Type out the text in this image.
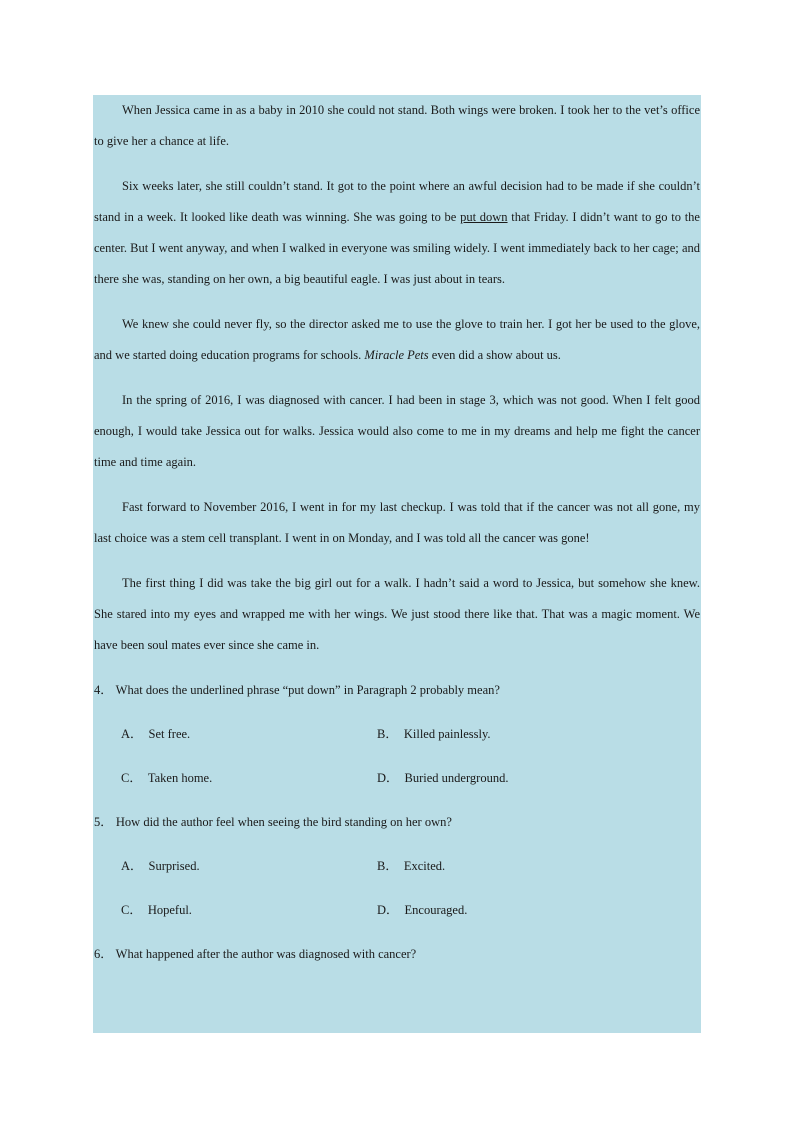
When Jessica came in as a baby in 2010 she could not stand. Both wings were broken. I took her to the vet’s office to give her a chance at life.

Six weeks later, she still couldn’t stand. It got to the point where an awful decision had to be made if she couldn’t stand in a week. It looked like death was winning. She was going to be put down that Friday. I didn’t want to go to the center. But I went anyway, and when I walked in everyone was smiling widely. I went immediately back to her cage; and there she was, standing on her own, a big beautiful eagle. I was just about in tears.

We knew she could never fly, so the director asked me to use the glove to train her. I got her be used to the glove, and we started doing education programs for schools. Miracle Pets even did a show about us.

In the spring of 2016, I was diagnosed with cancer. I had been in stage 3, which was not good. When I felt good enough, I would take Jessica out for walks. Jessica would also come to me in my dreams and help me fight the cancer time and time again.

Fast forward to November 2016, I went in for my last checkup. I was told that if the cancer was not all gone, my last choice was a stem cell transplant. I went in on Monday, and I was told all the cancer was gone!

The first thing I did was take the big girl out for a walk. I hadn’t said a word to Jessica, but somehow she knew. She stared into my eyes and wrapped me with her wings. We just stood there like that. That was a magic moment. We have been soul mates ever since she came in.

4． What does the underlined phrase “put down” in Paragraph 2 probably mean?
A． Set free.	B． Killed painlessly.
C． Taken home.	D． Buried underground.
5． How did the author feel when seeing the bird standing on her own?
A． Surprised.	B． Excited.
C． Hopeful.	D． Encouraged.
6． What happened after the author was diagnosed with cancer?
